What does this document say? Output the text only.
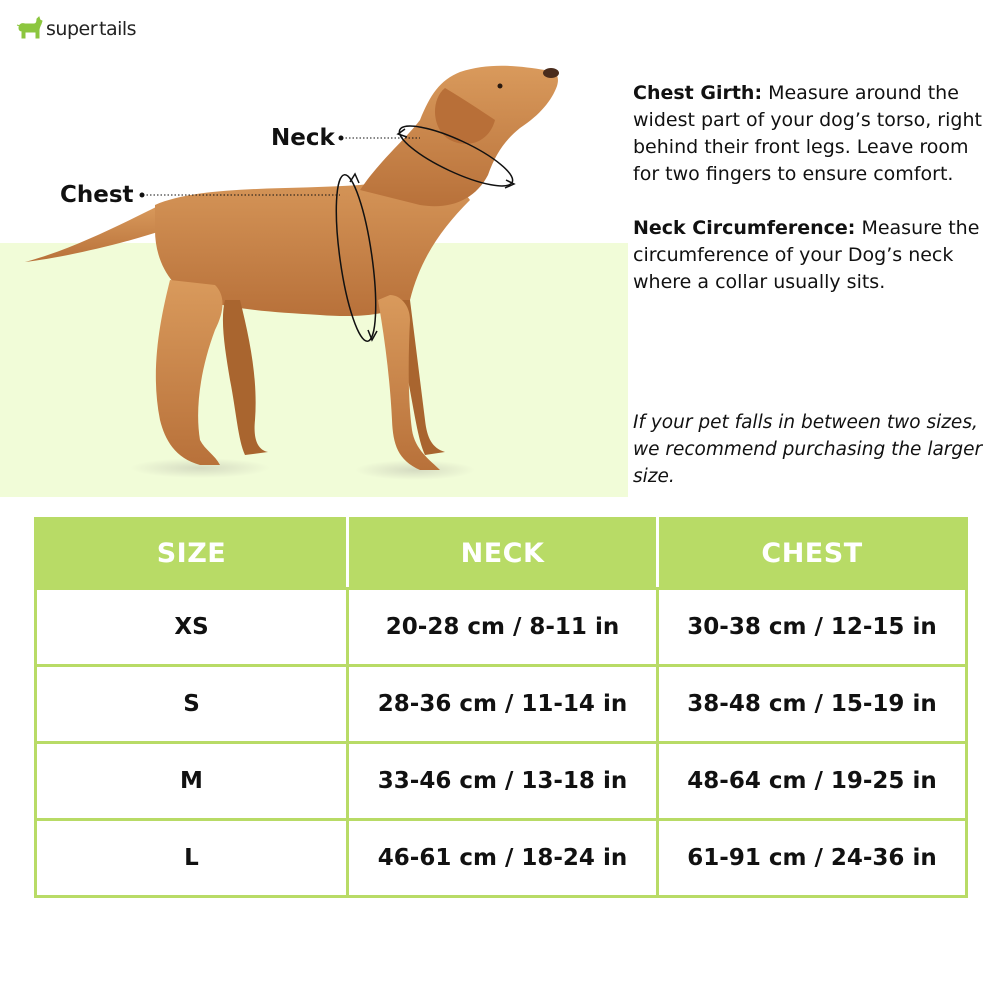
super tails
Neck
Chest

Chest Girth: Measure around the widest part of your dog’s torso, right behind their front legs. Leave room for two fingers to ensure comfort.

Neck Circumference: Measure the circumference of your Dog’s neck where a collar usually sits.

If your pet falls in between two sizes, we recommend purchasing the larger size.
SIZE	NECK	CHEST
XS	20-28 cm / 8-11 in	30-38 cm / 12-15 in
S	28-36 cm / 11-14 in	38-48 cm / 15-19 in
M	33-46 cm / 13-18 in	48-64 cm / 19-25 in
L	46-61 cm / 18-24 in	61-91 cm / 24-36 in
